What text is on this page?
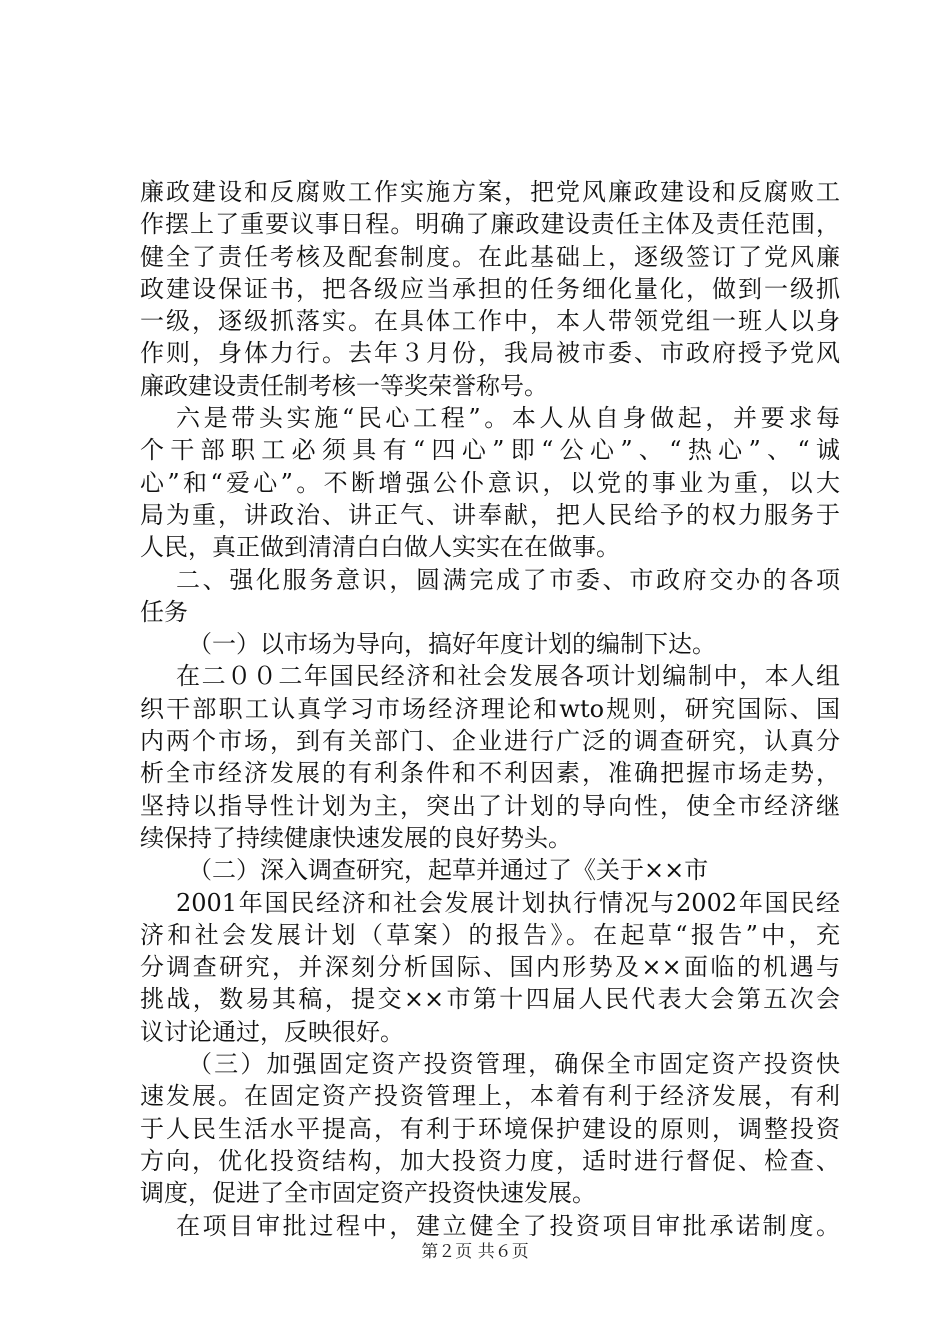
廉政建设和反腐败工作实施方案，把党风廉政建设和反腐败工
作摆上了重要议事日程。明确了廉政建设责任主体及责任范围，
健全了责任考核及配套制度。在此基础上，逐级签订了党风廉
政建设保证书，把各级应当承担的任务细化量化，做到一级抓
一级，逐级抓落实。在具体工作中，本人带领党组一班人以身
作则，身体力行。去年３月份，我局被市委、市政府授予党风
廉政建设责任制考核一等奖荣誉称号。
六是带头实施“民心工程”。本人从自身做起，并要求每
个干部职工必须具有“四心”即“公心”、“热心”、“诚
心”和“爱心”。不断增强公仆意识，以党的事业为重，以大
局为重，讲政治、讲正气、讲奉献，把人民给予的权力服务于
人民，真正做到清清白白做人实实在在做事。
二、强化服务意识，圆满完成了市委、市政府交办的各项
任务
（一）以市场为导向，搞好年度计划的编制下达。
在二００二年国民经济和社会发展各项计划编制中，本人组
织干部职工认真学习市场经济理论和wto规则，研究国际、国
内两个市场，到有关部门、企业进行广泛的调查研究，认真分
析全市经济发展的有利条件和不利因素，准确把握市场走势，
坚持以指导性计划为主，突出了计划的导向性，使全市经济继
续保持了持续健康快速发展的良好势头。
（二）深入调查研究，起草并通过了《关于××市
2001年国民经济和社会发展计划执行情况与2002年国民经
济和社会发展计划（草案）的报告》。在起草“报告”中，充
分调查研究，并深刻分析国际、国内形势及××面临的机遇与
挑战，数易其稿，提交××市第十四届人民代表大会第五次会
议讨论通过，反映很好。
（三）加强固定资产投资管理，确保全市固定资产投资快
速发展。在固定资产投资管理上，本着有利于经济发展，有利
于人民生活水平提高，有利于环境保护建设的原则，调整投资
方向，优化投资结构，加大投资力度，适时进行督促、检查、
调度，促进了全市固定资产投资快速发展。
在项目审批过程中，建立健全了投资项目审批承诺制度。
第２页 共６页
